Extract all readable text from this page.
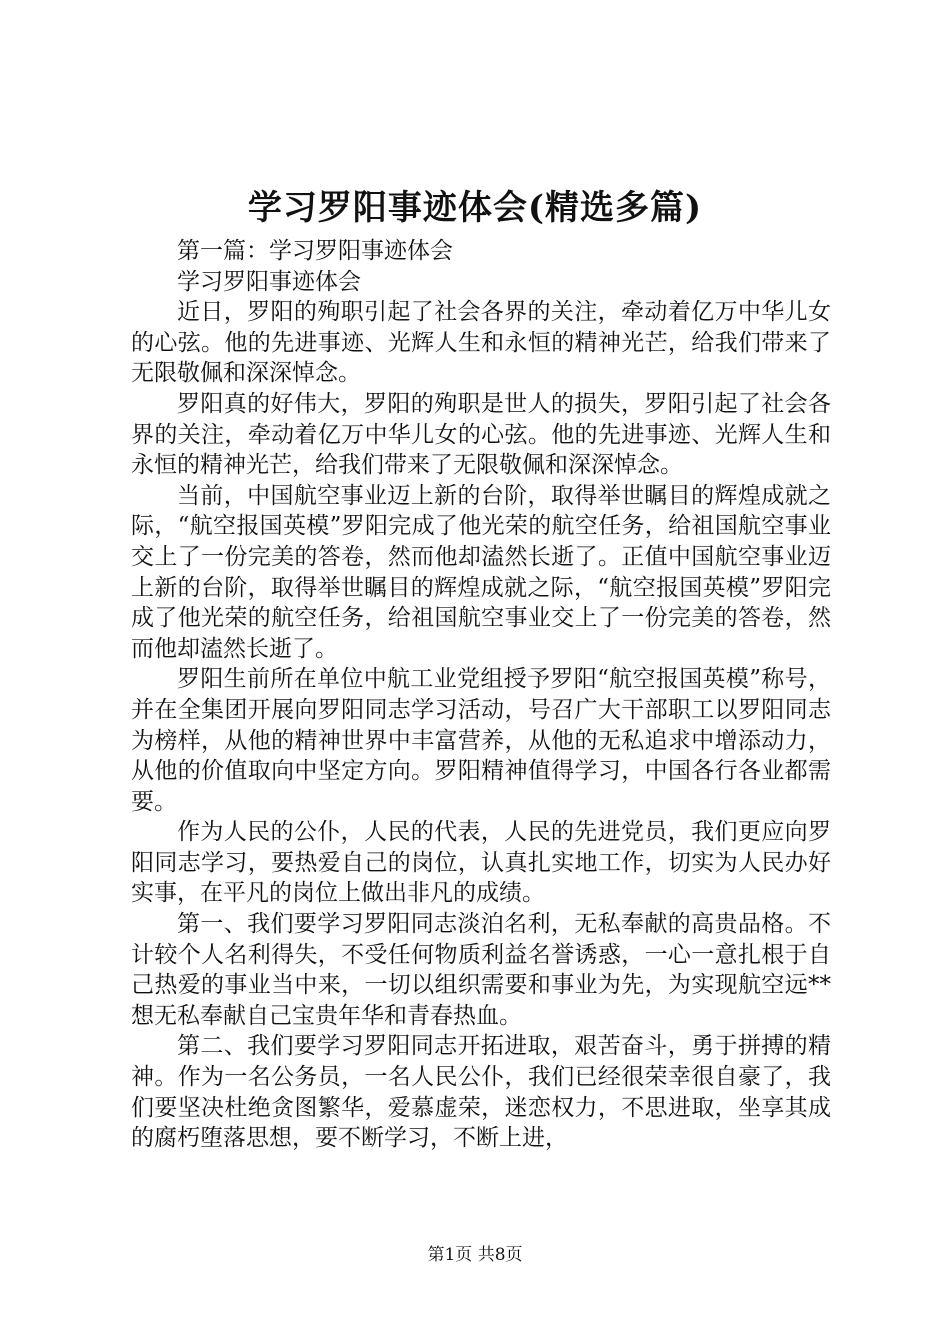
学习罗阳事迹体会(精选多篇)

第一篇：学习罗阳事迹体会

学习罗阳事迹体会

近日，罗阳的殉职引起了社会各界的关注，牵动着亿万中华儿女的心弦。他的先进事迹、光辉人生和永恒的精神光芒，给我们带来了无限敬佩和深深悼念。

罗阳真的好伟大，罗阳的殉职是世人的损失，罗阳引起了社会各界的关注，牵动着亿万中华儿女的心弦。他的先进事迹、光辉人生和永恒的精神光芒，给我们带来了无限敬佩和深深悼念。

当前，中国航空事业迈上新的台阶，取得举世瞩目的辉煌成就之际，“航空报国英模”罗阳完成了他光荣的航空任务，给祖国航空事业交上了一份完美的答卷，然而他却溘然长逝了。正值中国航空事业迈上新的台阶，取得举世瞩目的辉煌成就之际，“航空报国英模”罗阳完成了他光荣的航空任务，给祖国航空事业交上了一份完美的答卷，然而他却溘然长逝了。

罗阳生前所在单位中航工业党组授予罗阳“航空报国英模”称号，并在全集团开展向罗阳同志学习活动，号召广大干部职工以罗阳同志为榜样，从他的精神世界中丰富营养，从他的无私追求中增添动力，从他的价值取向中坚定方向。罗阳精神值得学习，中国各行各业都需要。

作为人民的公仆，人民的代表，人民的先进党员，我们更应向罗阳同志学习，要热爱自己的岗位，认真扎实地工作，切实为人民办好实事，在平凡的岗位上做出非凡的成绩。

第一、我们要学习罗阳同志淡泊名利，无私奉献的高贵品格。不计较个人名利得失，不受任何物质利益名誉诱惑，一心一意扎根于自己热爱的事业当中来，一切以组织需要和事业为先，为实现航空远**想无私奉献自己宝贵年华和青春热血。

第二、我们要学习罗阳同志开拓进取，艰苦奋斗，勇于拼搏的精神。作为一名公务员，一名人民公仆，我们已经很荣幸很自豪了，我们要坚决杜绝贪图繁华，爱慕虚荣，迷恋权力，不思进取，坐享其成的腐朽堕落思想，要不断学习，不断上进，

第1页 共8页
